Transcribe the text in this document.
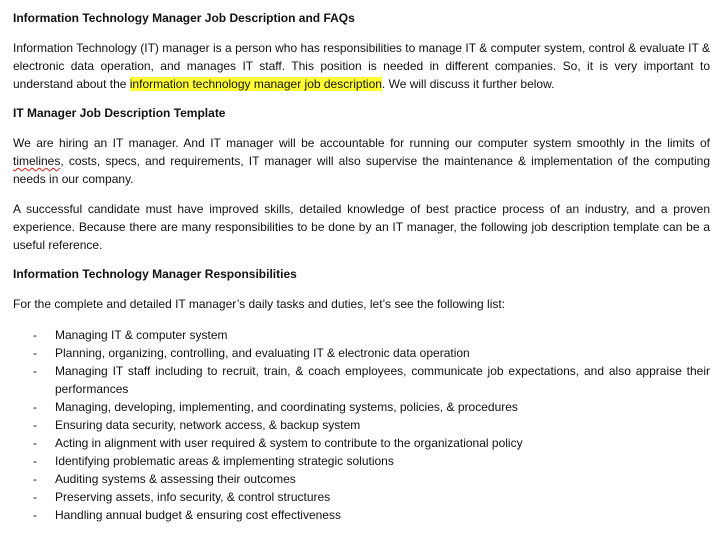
Information Technology Manager Job Description and FAQs

Information Technology (IT) manager is a person who has responsibilities to manage IT & computer system, control & evaluate IT & electronic data operation, and manages IT staff. This position is needed in different companies. So, it is very important to understand about the information technology manager job description. We will discuss it further below.

IT Manager Job Description Template

We are hiring an IT manager. And IT manager will be accountable for running our computer system smoothly in the limits of timelines, costs, specs, and requirements, IT manager will also supervise the maintenance & implementation of the computing needs in our company.

A successful candidate must have improved skills, detailed knowledge of best practice process of an industry, and a proven experience. Because there are many responsibilities to be done by an IT manager, the following job description template can be a useful reference.

Information Technology Manager Responsibilities

For the complete and detailed IT manager’s daily tasks and duties, let’s see the following list:

- Managing IT & computer system
- Planning, organizing, controlling, and evaluating IT & electronic data operation
- Managing IT staff including to recruit, train, & coach employees, communicate job expectations, and also appraise their performances
- Managing, developing, implementing, and coordinating systems, policies, & procedures
- Ensuring data security, network access, & backup system
- Acting in alignment with user required & system to contribute to the organizational policy
- Identifying problematic areas & implementing strategic solutions
- Auditing systems & assessing their outcomes
- Preserving assets, info security, & control structures
- Handling annual budget & ensuring cost effectiveness
